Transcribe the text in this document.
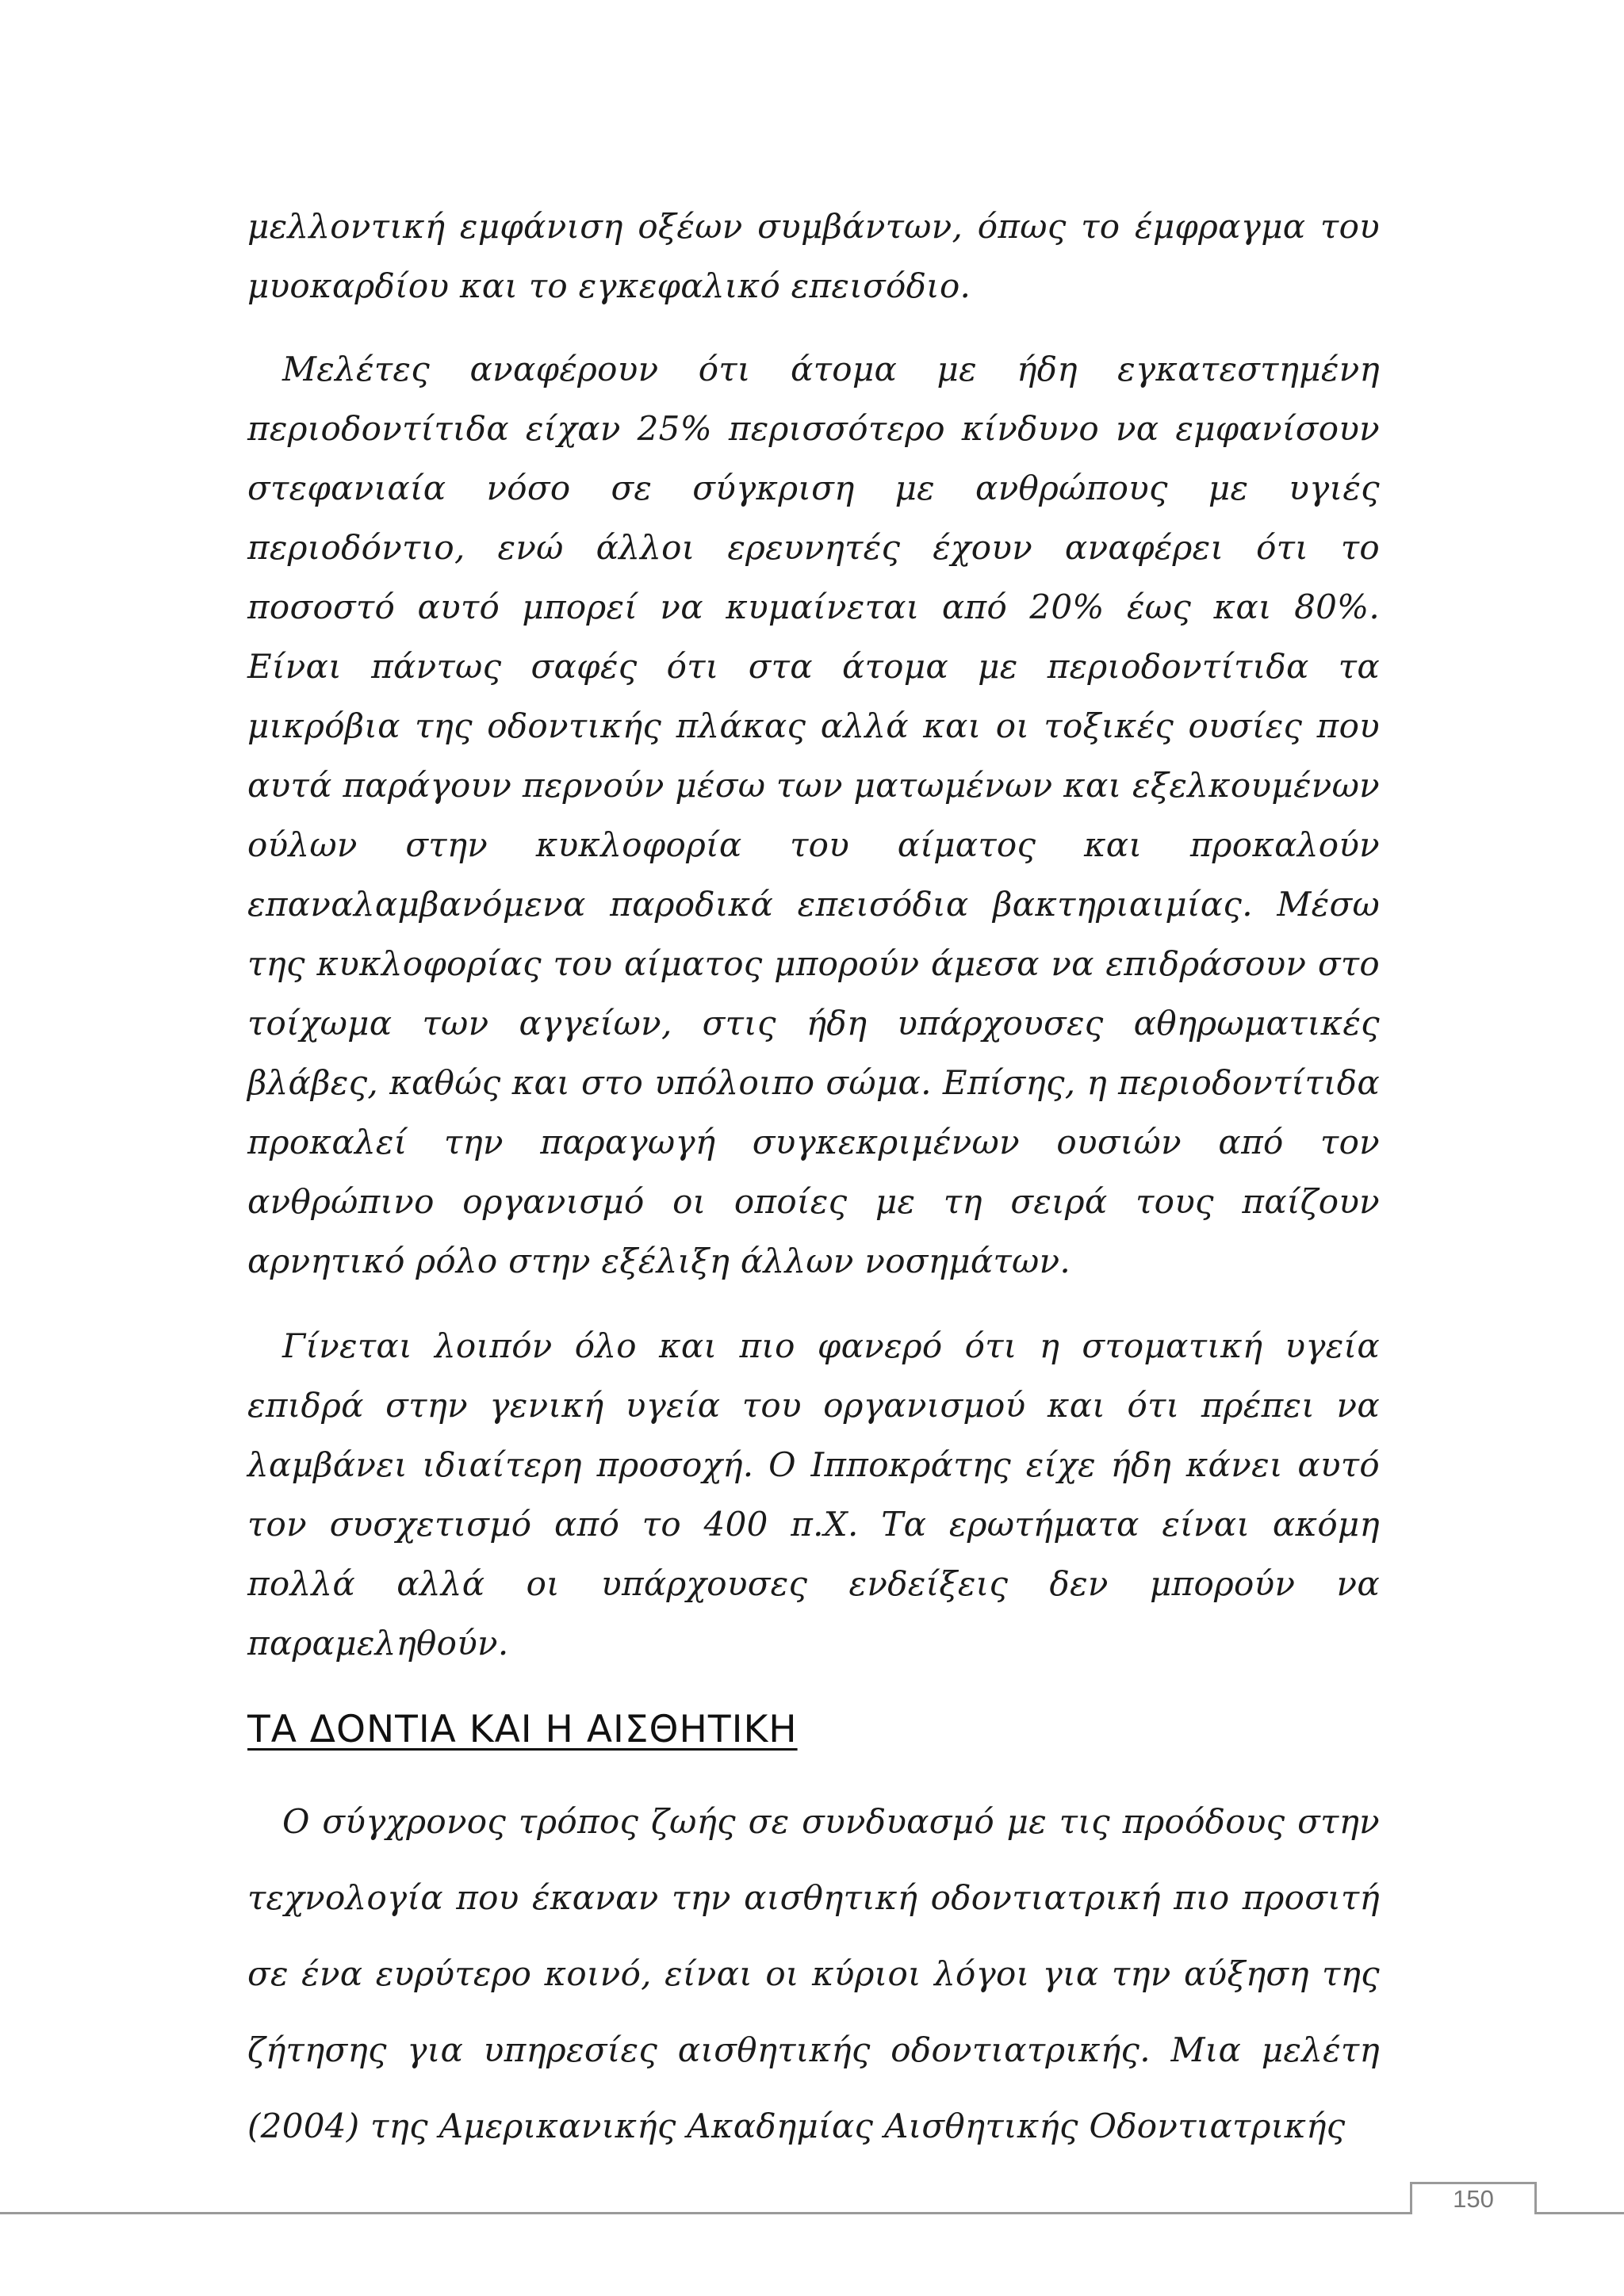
μελλοντική εμφάνιση οξέων συμβάντων, όπως το έμφραγμα του μυοκαρδίου και το εγκεφαλικό επεισόδιο.

Μελέτες αναφέρουν ότι άτομα με ήδη εγκατεστημένη περιοδοντίτιδα είχαν 25% περισσότερο κίνδυνο να εμφανίσουν στεφανιαία νόσο σε σύγκριση με ανθρώπους με υγιές περιοδόντιο, ενώ άλλοι ερευνητές έχουν αναφέρει ότι το ποσοστό αυτό μπορεί να κυμαίνεται από 20% έως και 80%. Είναι πάντως σαφές ότι στα άτομα με περιοδοντίτιδα τα μικρόβια της οδοντικής πλάκας αλλά και οι τοξικές ουσίες που αυτά παράγουν περνούν μέσω των ματωμένων και εξελκουμένων ούλων στην κυκλοφορία του αίματος και προκαλούν επαναλαμβανόμενα παροδικά επεισόδια βακτηριαιμίας. Μέσω της κυκλοφορίας του αίματος μπορούν άμεσα να επιδράσουν στο τοίχωμα των αγγείων, στις ήδη υπάρχουσες αθηρωματικές βλάβες, καθώς και στο υπόλοιπο σώμα. Επίσης, η περιοδοντίτιδα προκαλεί την παραγωγή συγκεκριμένων ουσιών από τον ανθρώπινο οργανισμό οι οποίες με τη σειρά τους παίζουν αρνητικό ρόλο στην εξέλιξη άλλων νοσημάτων.

Γίνεται λοιπόν όλο και πιο φανερό ότι η στοματική υγεία επιδρά στην γενική υγεία του οργανισμού και ότι πρέπει να λαμβάνει ιδιαίτερη προσοχή. Ο Ιπποκράτης είχε ήδη κάνει αυτό τον συσχετισμό από το 400 π.Χ. Τα ερωτήματα είναι ακόμη πολλά αλλά οι υπάρχουσες ενδείξεις δεν μπορούν να παραμεληθούν.

ΤΑ ΔΟΝΤΙΑ ΚΑΙ Η ΑΙΣΘΗΤΙΚΗ

Ο σύγχρονος τρόπος ζωής σε συνδυασμό με τις προόδους στην τεχνολογία που έκαναν την αισθητική οδοντιατρική πιο προσιτή σε ένα ευρύτερο κοινό, είναι οι κύριοι λόγοι για την αύξηση της ζήτησης για υπηρεσίες αισθητικής οδοντιατρικής. Μια μελέτη (2004) της Αμερικανικής Ακαδημίας Αισθητικής Οδοντιατρικής

150
